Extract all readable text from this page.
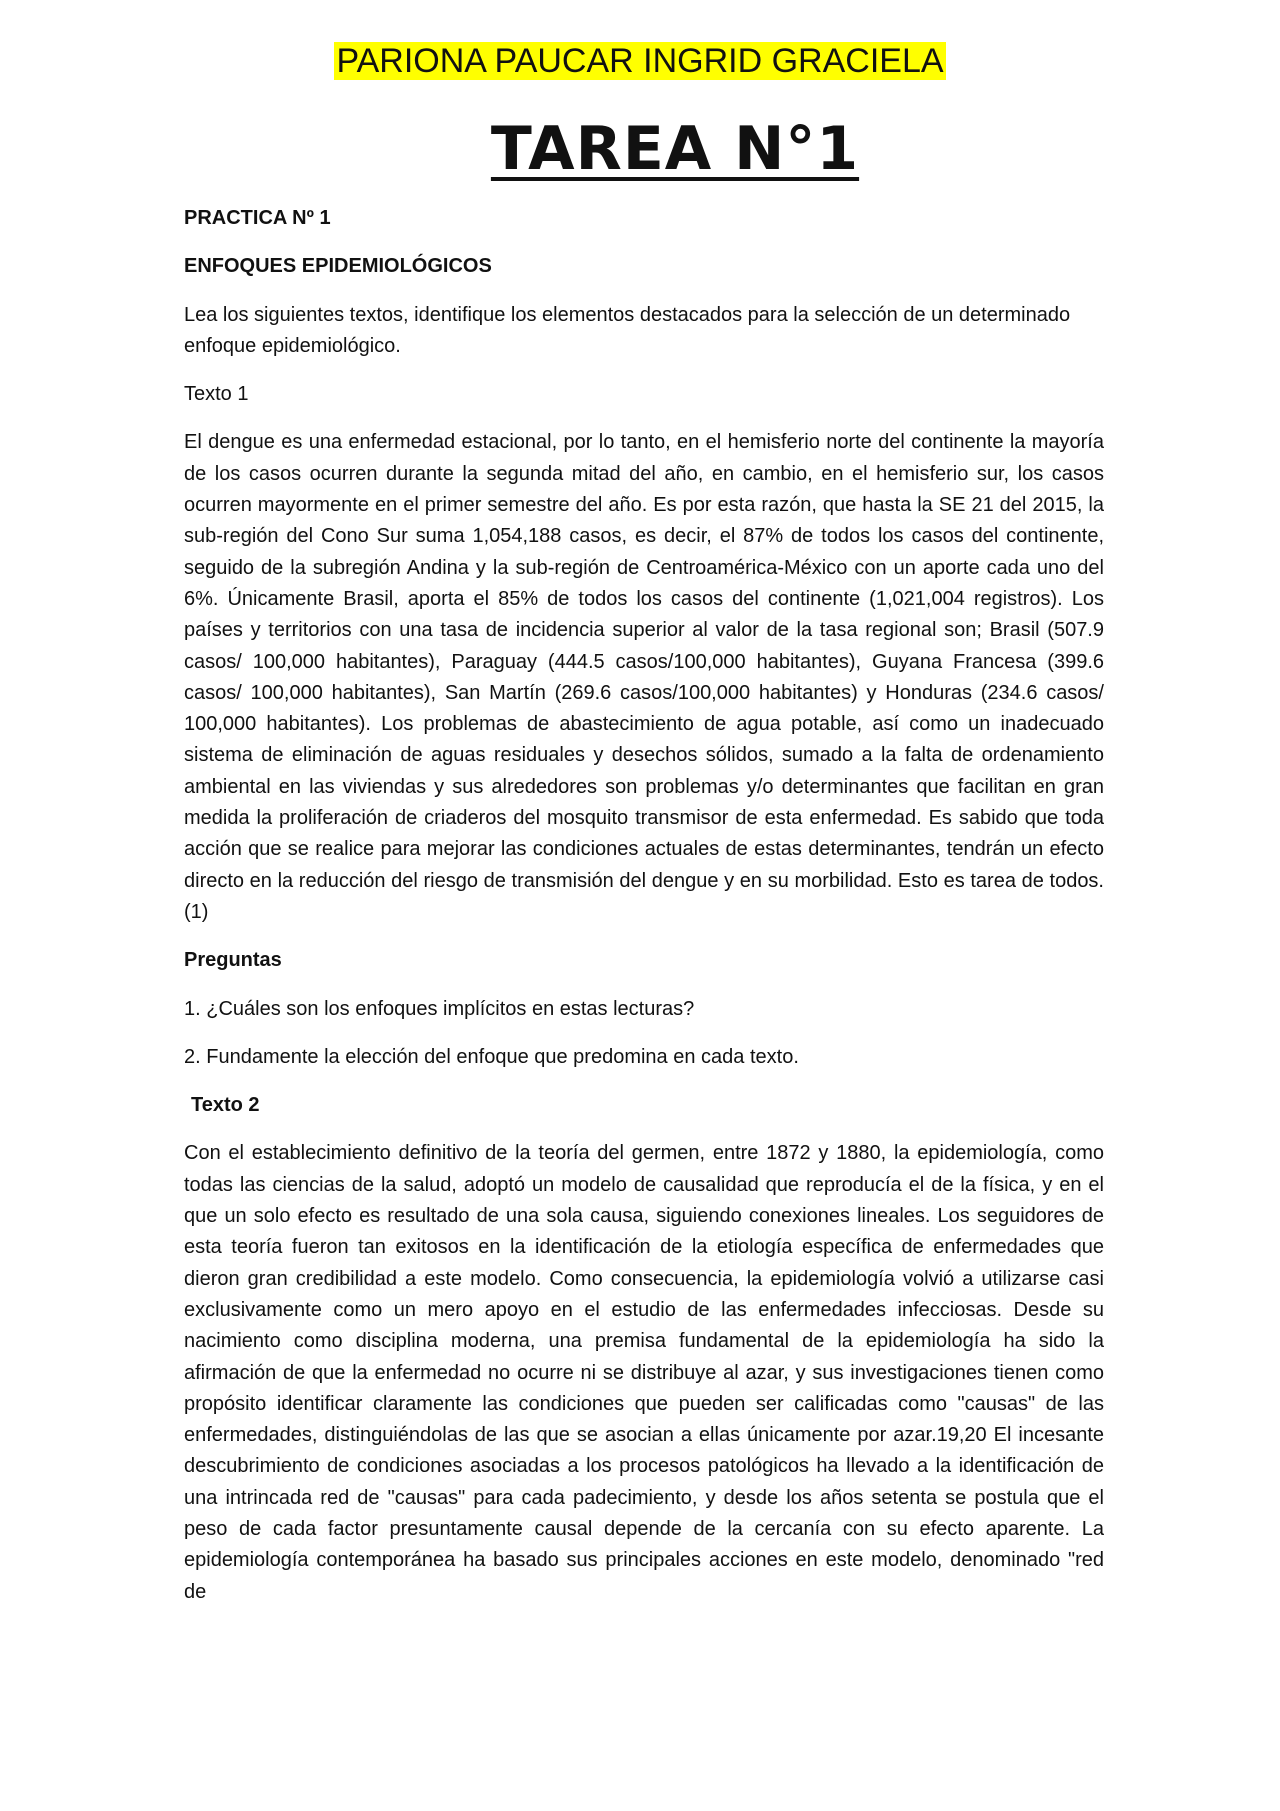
PARIONA PAUCAR INGRID GRACIELA
TAREA N°1

PRACTICA Nº 1

ENFOQUES EPIDEMIOLÓGICOS

Lea los siguientes textos, identifique los elementos destacados para la selección de un determinado enfoque epidemiológico.

Texto 1

El dengue es una enfermedad estacional, por lo tanto, en el hemisferio norte del continente la mayoría de los casos ocurren durante la segunda mitad del año, en cambio, en el hemisferio sur, los casos ocurren mayormente en el primer semestre del año. Es por esta razón, que hasta la SE 21 del 2015, la sub-región del Cono Sur suma 1,054,188 casos, es decir, el 87% de todos los casos del continente, seguido de la subregión Andina y la sub-región de Centroamérica-México con un aporte cada uno del 6%. Únicamente Brasil, aporta el 85% de todos los casos del continente (1,021,004 registros). Los países y territorios con una tasa de incidencia superior al valor de la tasa regional son; Brasil (507.9 casos/ 100,000 habitantes), Paraguay (444.5 casos/100,000 habitantes), Guyana Francesa (399.6 casos/ 100,000 habitantes), San Martín (269.6 casos/100,000 habitantes) y Honduras (234.6 casos/ 100,000 habitantes). Los problemas de abastecimiento de agua potable, así como un inadecuado sistema de eliminación de aguas residuales y desechos sólidos, sumado a la falta de ordenamiento ambiental en las viviendas y sus alrededores son problemas y/o determinantes que facilitan en gran medida la proliferación de criaderos del mosquito transmisor de esta enfermedad. Es sabido que toda acción que se realice para mejorar las condiciones actuales de estas determinantes, tendrán un efecto directo en la reducción del riesgo de transmisión del dengue y en su morbilidad. Esto es tarea de todos.(1)

Preguntas

1. ¿Cuáles son los enfoques implícitos en estas lecturas?

2. Fundamente la elección del enfoque que predomina en cada texto.

Texto 2

Con el establecimiento definitivo de la teoría del germen, entre 1872 y 1880, la epidemiología, como todas las ciencias de la salud, adoptó un modelo de causalidad que reproducía el de la física, y en el que un solo efecto es resultado de una sola causa, siguiendo conexiones lineales. Los seguidores de esta teoría fueron tan exitosos en la identificación de la etiología específica de enfermedades que dieron gran credibilidad a este modelo. Como consecuencia, la epidemiología volvió a utilizarse casi exclusivamente como un mero apoyo en el estudio de las enfermedades infecciosas. Desde su nacimiento como disciplina moderna, una premisa fundamental de la epidemiología ha sido la afirmación de que la enfermedad no ocurre ni se distribuye al azar, y sus investigaciones tienen como propósito identificar claramente las condiciones que pueden ser calificadas como "causas" de las enfermedades, distinguiéndolas de las que se asocian a ellas únicamente por azar.19,20 El incesante descubrimiento de condiciones asociadas a los procesos patológicos ha llevado a la identificación de una intrincada red de "causas" para cada padecimiento, y desde los años setenta se postula que el peso de cada factor presuntamente causal depende de la cercanía con su efecto aparente. La epidemiología contemporánea ha basado sus principales acciones en este modelo, denominado "red de
